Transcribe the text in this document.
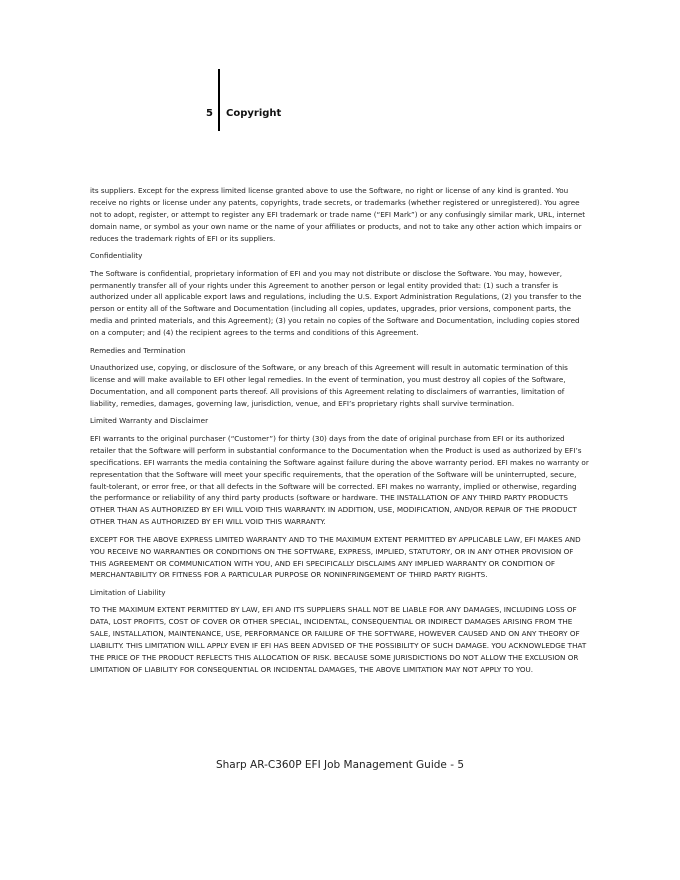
5 Copyright

its suppliers. Except for the express limited license granted above to use the Software, no right or license of any kind is granted. You receive no rights or license under any patents, copyrights, trade secrets, or trademarks (whether registered or unregistered). You agree not to adopt, register, or attempt to register any EFI trademark or trade name (“EFI Mark”) or any confusingly similar mark, URL, internet domain name, or symbol as your own name or the name of your affiliates or products, and not to take any other action which impairs or reduces the trademark rights of EFI or its suppliers.

Confidentiality

The Software is confidential, proprietary information of EFI and you may not distribute or disclose the Software. You may, however, permanently transfer all of your rights under this Agreement to another person or legal entity provided that: (1) such a transfer is authorized under all applicable export laws and regulations, including the U.S. Export Administration Regulations, (2) you transfer to the person or entity all of the Software and Documentation (including all copies, updates, upgrades, prior versions, component parts, the media and printed materials, and this Agreement); (3) you retain no copies of the Software and Documentation, including copies stored on a computer; and (4) the recipient agrees to the terms and conditions of this Agreement.

Remedies and Termination

Unauthorized use, copying, or disclosure of the Software, or any breach of this Agreement will result in automatic termination of this license and will make available to EFI other legal remedies. In the event of termination, you must destroy all copies of the Software, Documentation, and all component parts thereof. All provisions of this Agreement relating to disclaimers of warranties, limitation of liability, remedies, damages, governing law, jurisdiction, venue, and EFI’s proprietary rights shall survive termination.

Limited Warranty and Disclaimer

EFI warrants to the original purchaser (“Customer”) for thirty (30) days from the date of original purchase from EFI or its authorized retailer that the Software will perform in substantial conformance to the Documentation when the Product is used as authorized by EFI’s specifications. EFI warrants the media containing the Software against failure during the above warranty period. EFI makes no warranty or representation that the Software will meet your specific requirements, that the operation of the Software will be uninterrupted, secure, fault-tolerant, or error free, or that all defects in the Software will be corrected. EFI makes no warranty, implied or otherwise, regarding the performance or reliability of any third party products (software or hardware. THE INSTALLATION OF ANY THIRD PARTY PRODUCTS OTHER THAN AS AUTHORIZED BY EFI WILL VOID THIS WARRANTY. IN ADDITION, USE, MODIFICATION, AND/OR REPAIR OF THE PRODUCT OTHER THAN AS AUTHORIZED BY EFI WILL VOID THIS WARRANTY.

EXCEPT FOR THE ABOVE EXPRESS LIMITED WARRANTY AND TO THE MAXIMUM EXTENT PERMITTED BY APPLICABLE LAW, EFI MAKES AND YOU RECEIVE NO WARRANTIES OR CONDITIONS ON THE SOFTWARE, EXPRESS, IMPLIED, STATUTORY, OR IN ANY OTHER PROVISION OF THIS AGREEMENT OR COMMUNICATION WITH YOU, AND EFI SPECIFICALLY DISCLAIMS ANY IMPLIED WARRANTY OR CONDITION OF MERCHANTABILITY OR FITNESS FOR A PARTICULAR PURPOSE OR NONINFRINGEMENT OF THIRD PARTY RIGHTS.

Limitation of Liability

TO THE MAXIMUM EXTENT PERMITTED BY LAW, EFI AND ITS SUPPLIERS SHALL NOT BE LIABLE FOR ANY DAMAGES, INCLUDING LOSS OF DATA, LOST PROFITS, COST OF COVER OR OTHER SPECIAL, INCIDENTAL, CONSEQUENTIAL OR INDIRECT DAMAGES ARISING FROM THE SALE, INSTALLATION, MAINTENANCE, USE, PERFORMANCE OR FAILURE OF THE SOFTWARE, HOWEVER CAUSED AND ON ANY THEORY OF LIABILITY. THIS LIMITATION WILL APPLY EVEN IF EFI HAS BEEN ADVISED OF THE POSSIBILITY OF SUCH DAMAGE. YOU ACKNOWLEDGE THAT THE PRICE OF THE PRODUCT REFLECTS THIS ALLOCATION OF RISK. BECAUSE SOME JURISDICTIONS DO NOT ALLOW THE EXCLUSION OR LIMITATION OF LIABILITY FOR CONSEQUENTIAL OR INCIDENTAL DAMAGES, THE ABOVE LIMITATION MAY NOT APPLY TO YOU.

Sharp AR-C360P EFI Job Management Guide - 5
